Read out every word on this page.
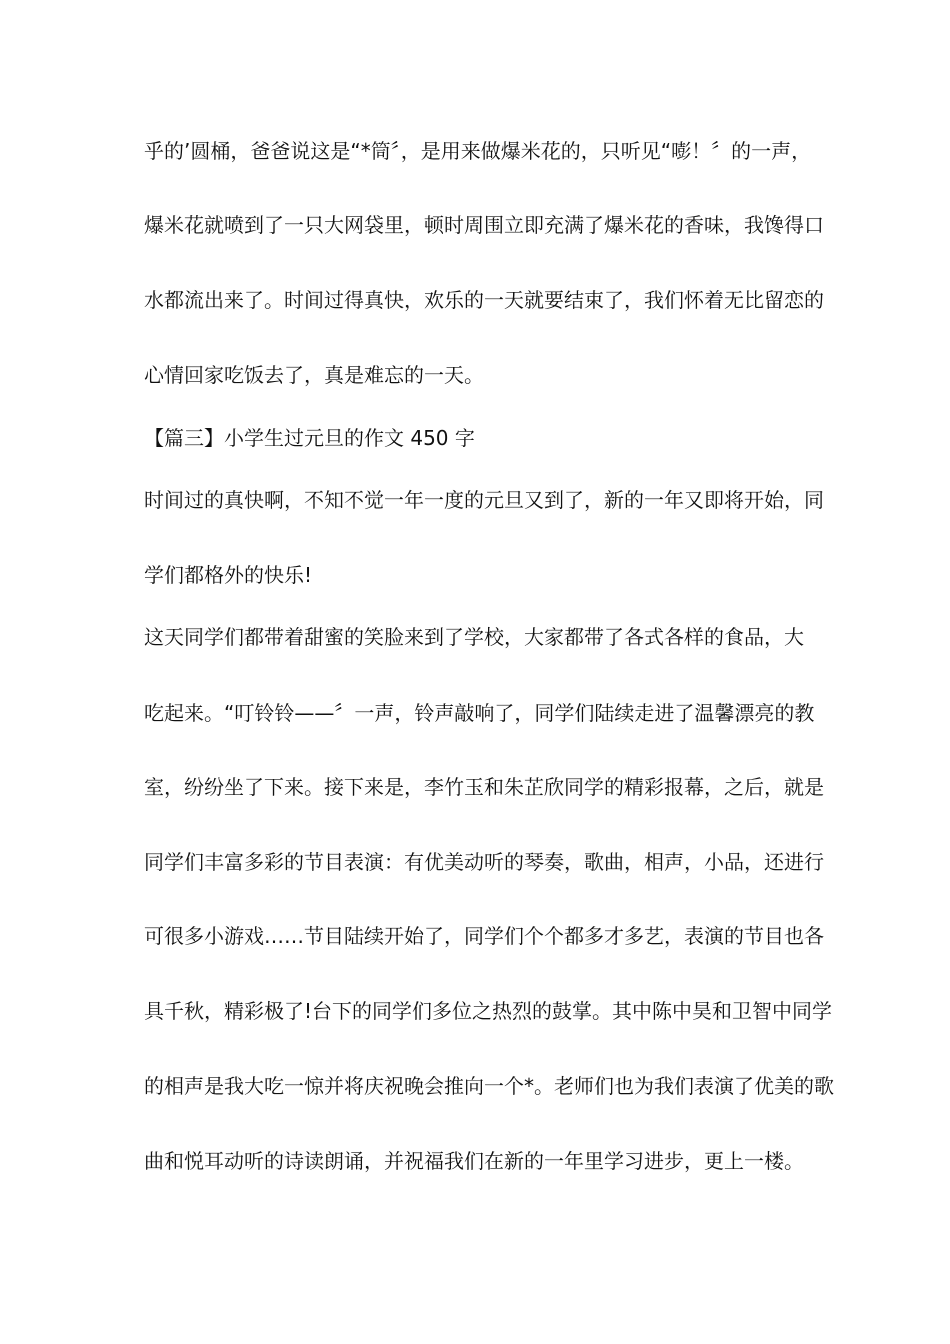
乎的’圆桶，爸爸说这是“*筒〞，是用来做爆米花的，只听见“嘭！〞的一声，
爆米花就喷到了一只大网袋里，顿时周围立即充满了爆米花的香味，我馋得口
水都流出来了。时间过得真快，欢乐的一天就要结束了，我们怀着无比留恋的
心情回家吃饭去了，真是难忘的一天。
【篇三】小学生过元旦的作文 450 字
时间过的真快啊，不知不觉一年一度的元旦又到了，新的一年又即将开始，同
学们都格外的快乐!
这天同学们都带着甜蜜的笑脸来到了学校，大家都带了各式各样的食品，大
吃起来。“叮铃铃——〞一声，铃声敲响了，同学们陆续走进了温馨漂亮的教
室，纷纷坐了下来。接下来是，李竹玉和朱芷欣同学的精彩报幕，之后，就是
同学们丰富多彩的节目表演：有优美动听的琴奏，歌曲，相声，小品，还进行
可很多小游戏……节目陆续开始了，同学们个个都多才多艺，表演的节目也各
具千秋，精彩极了!台下的同学们多位之热烈的鼓掌。其中陈中昊和卫智中同学
的相声是我大吃一惊并将庆祝晚会推向一个*。老师们也为我们表演了优美的歌
曲和悦耳动听的诗读朗诵，并祝福我们在新的一年里学习进步，更上一楼。
